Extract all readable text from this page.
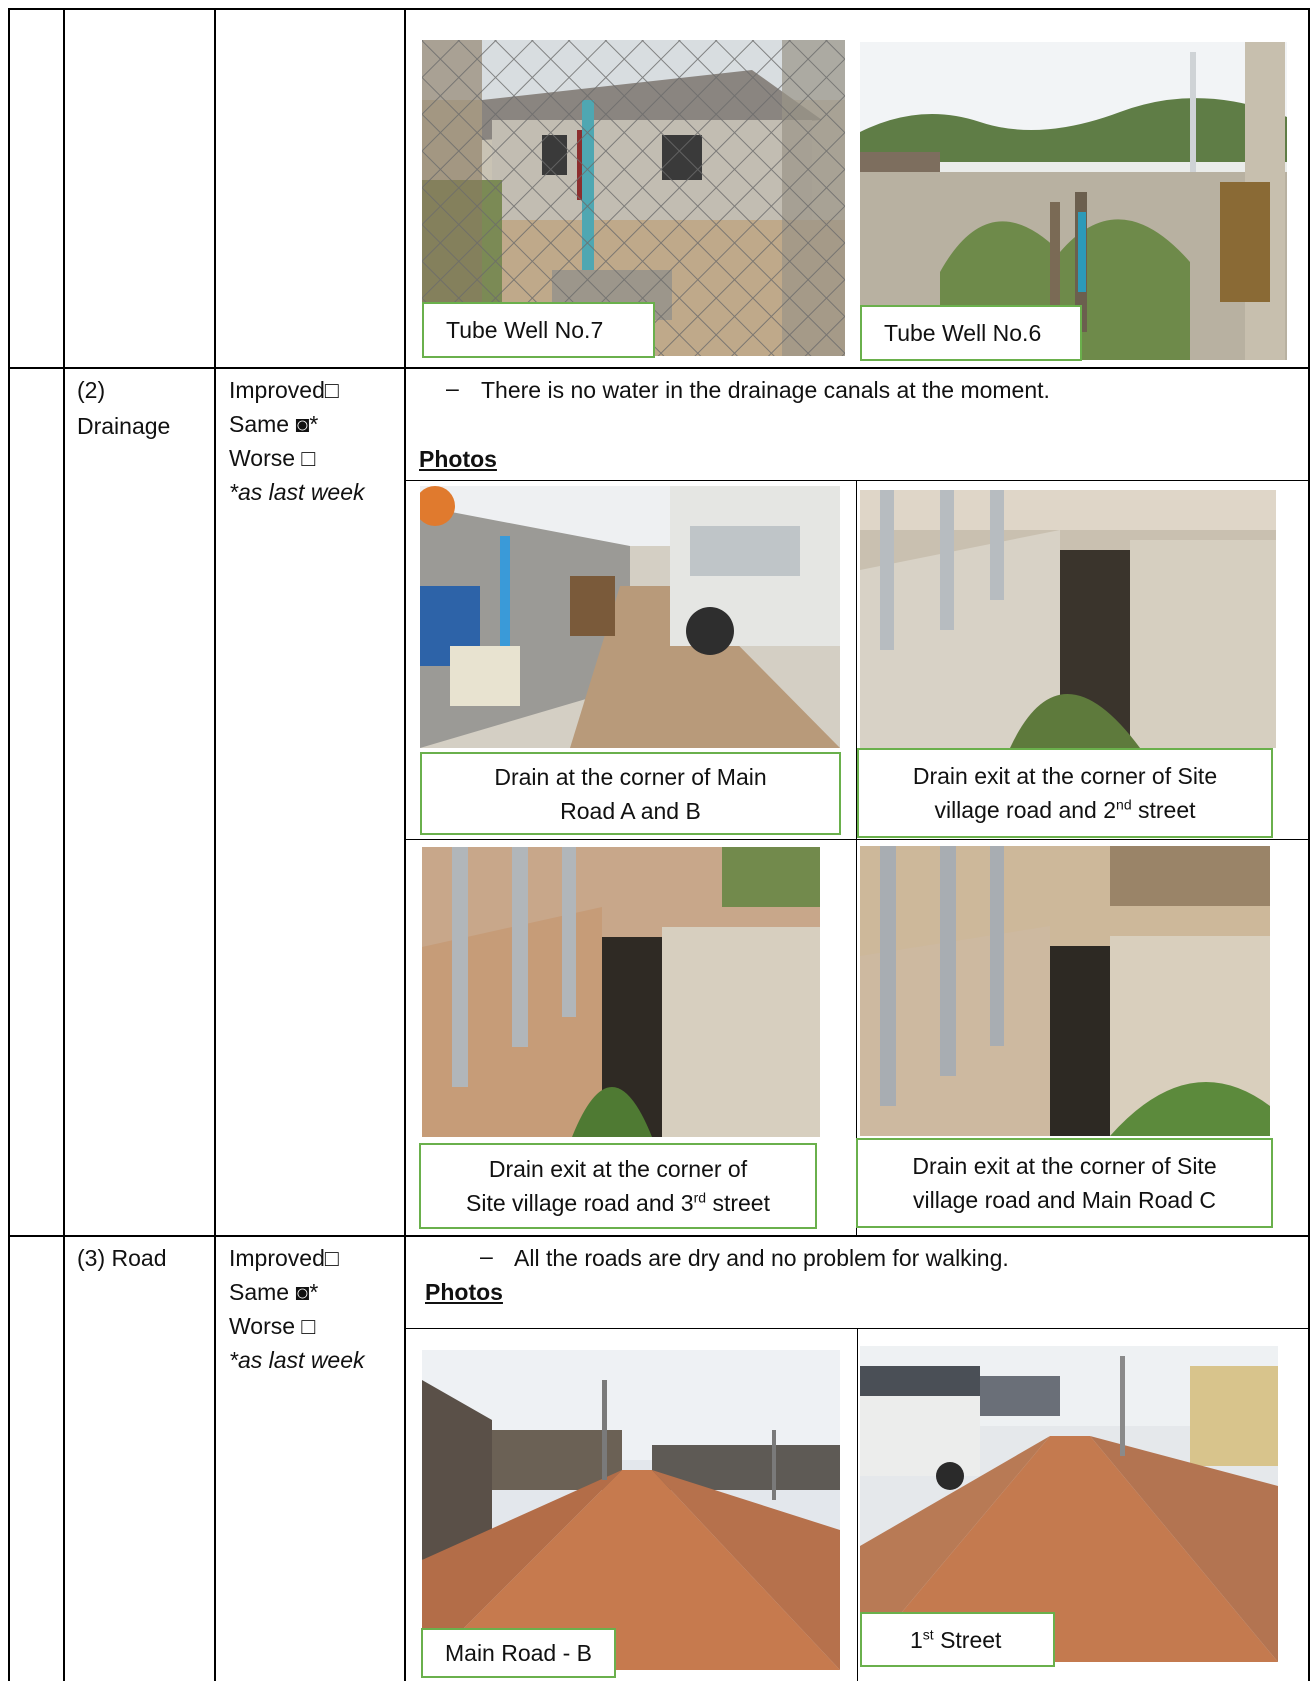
Tube Well No.7	Tube Well No.6
(2)
Drainage
Improved□
Same ◙*
Worse □
*as last week
– There is no water in the drainage canals at the moment.
Photos
Drain at the corner of Main
Road A and B
Drain exit at the corner of Site
village road and 2nd street
Drain exit at the corner of
Site village road and 3rd street
Drain exit at the corner of Site
village road and Main Road C
(3) Road	Improved□
Same ◙*
Worse □
*as last week
– All the roads are dry and no problem for walking.
Photos
Main Road - B
1st Street
